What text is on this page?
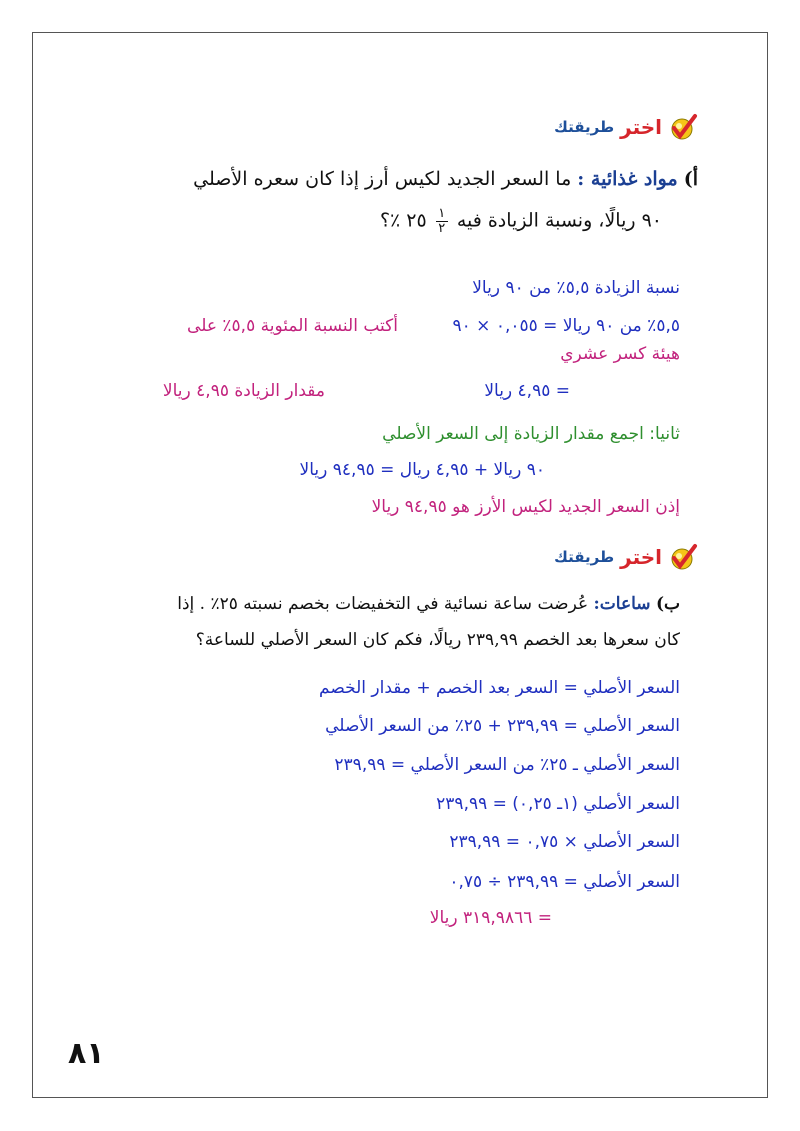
اختر
طريقتك
أ) مواد غذائية : ما السعر الجديد لكيس أرز إذا كان سعره الأصلي
٩٠ ريالًا، ونسبة الزيادة فيه
$\frac{١}{٢}$
٢٥ ٪؟
نسبة الزيادة ٥,٥٪ من ٩٠ ريالا
٥,٥٪ من ٩٠ ريالا = ٠,٠٥٥ × ٩٠
أكتب النسبة المئوية ٥,٥٪ على
هيئة كسر عشري
= ٤,٩٥ ريالا
مقدار الزيادة ٤,٩٥ ريالا
ثانيا: اجمع مقدار الزيادة إلى السعر الأصلي
٩٠ ريالا + ٤,٩٥ ريال = ٩٤,٩٥ ريالا
إذن السعر الجديد لكيس الأرز هو ٩٤,٩٥ ريالا
اختر
طريقتك
ب) ساعات: عُرضت ساعة نسائية في التخفيضات بخصم نسبته ٢٥٪ . إذا
كان سعرها بعد الخصم ٢٣٩,٩٩ ريالًا، فكم كان السعر الأصلي للساعة؟
السعر الأصلي = السعر بعد الخصم + مقدار الخصم
السعر الأصلي = ٢٣٩,٩٩ + ٢٥٪ من السعر الأصلي
السعر الأصلي ـ ٢٥٪ من السعر الأصلي = ٢٣٩,٩٩
السعر الأصلي (١ـ ٠,٢٥) = ٢٣٩,٩٩
السعر الأصلي × ٠,٧٥ = ٢٣٩,٩٩
السعر الأصلي = ٢٣٩,٩٩ ÷ ٠,٧٥
= ٣١٩,٩٨٦٦ ريالا
٨١
